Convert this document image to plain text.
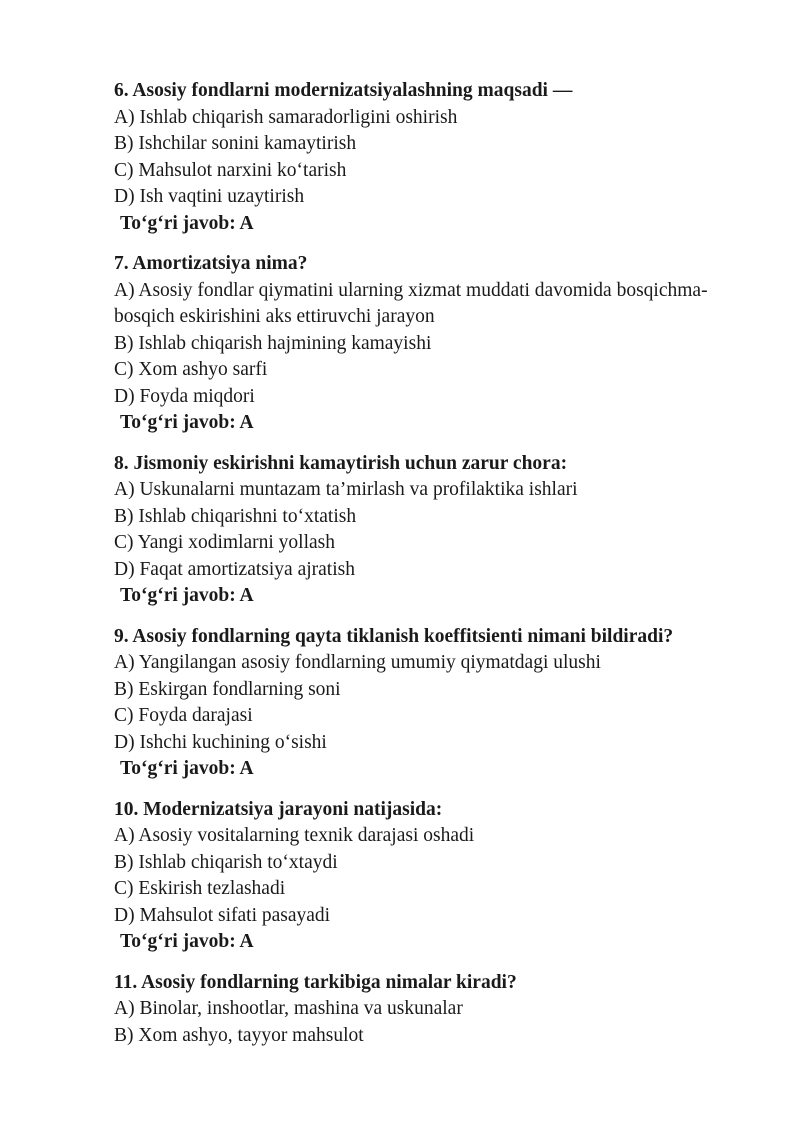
6. Asosiy fondlarni modernizatsiyalashning maqsadi —

A) Ishlab chiqarish samaradorligini oshirish

B) Ishchilar sonini kamaytirish

C) Mahsulot narxini ko‘tarish

D) Ish vaqtini uzaytirish

To‘g‘ri javob: A

7. Amortizatsiya nima?

A) Asosiy fondlar qiymatini ularning xizmat muddati davomida bosqichma-bosqich eskirishini aks ettiruvchi jarayon

B) Ishlab chiqarish hajmining kamayishi

C) Xom ashyo sarfi

D) Foyda miqdori

To‘g‘ri javob: A

8. Jismoniy eskirishni kamaytirish uchun zarur chora:

A) Uskunalarni muntazam ta’mirlash va profilaktika ishlari

B) Ishlab chiqarishni to‘xtatish

C) Yangi xodimlarni yollash

D) Faqat amortizatsiya ajratish

To‘g‘ri javob: A

9. Asosiy fondlarning qayta tiklanish koeffitsienti nimani bildiradi?

A) Yangilangan asosiy fondlarning umumiy qiymatdagi ulushi

B) Eskirgan fondlarning soni

C) Foyda darajasi

D) Ishchi kuchining o‘sishi

To‘g‘ri javob: A

10. Modernizatsiya jarayoni natijasida:

A) Asosiy vositalarning texnik darajasi oshadi

B) Ishlab chiqarish to‘xtaydi

C) Eskirish tezlashadi

D) Mahsulot sifati pasayadi

To‘g‘ri javob: A

11. Asosiy fondlarning tarkibiga nimalar kiradi?

A) Binolar, inshootlar, mashina va uskunalar

B) Xom ashyo, tayyor mahsulot
